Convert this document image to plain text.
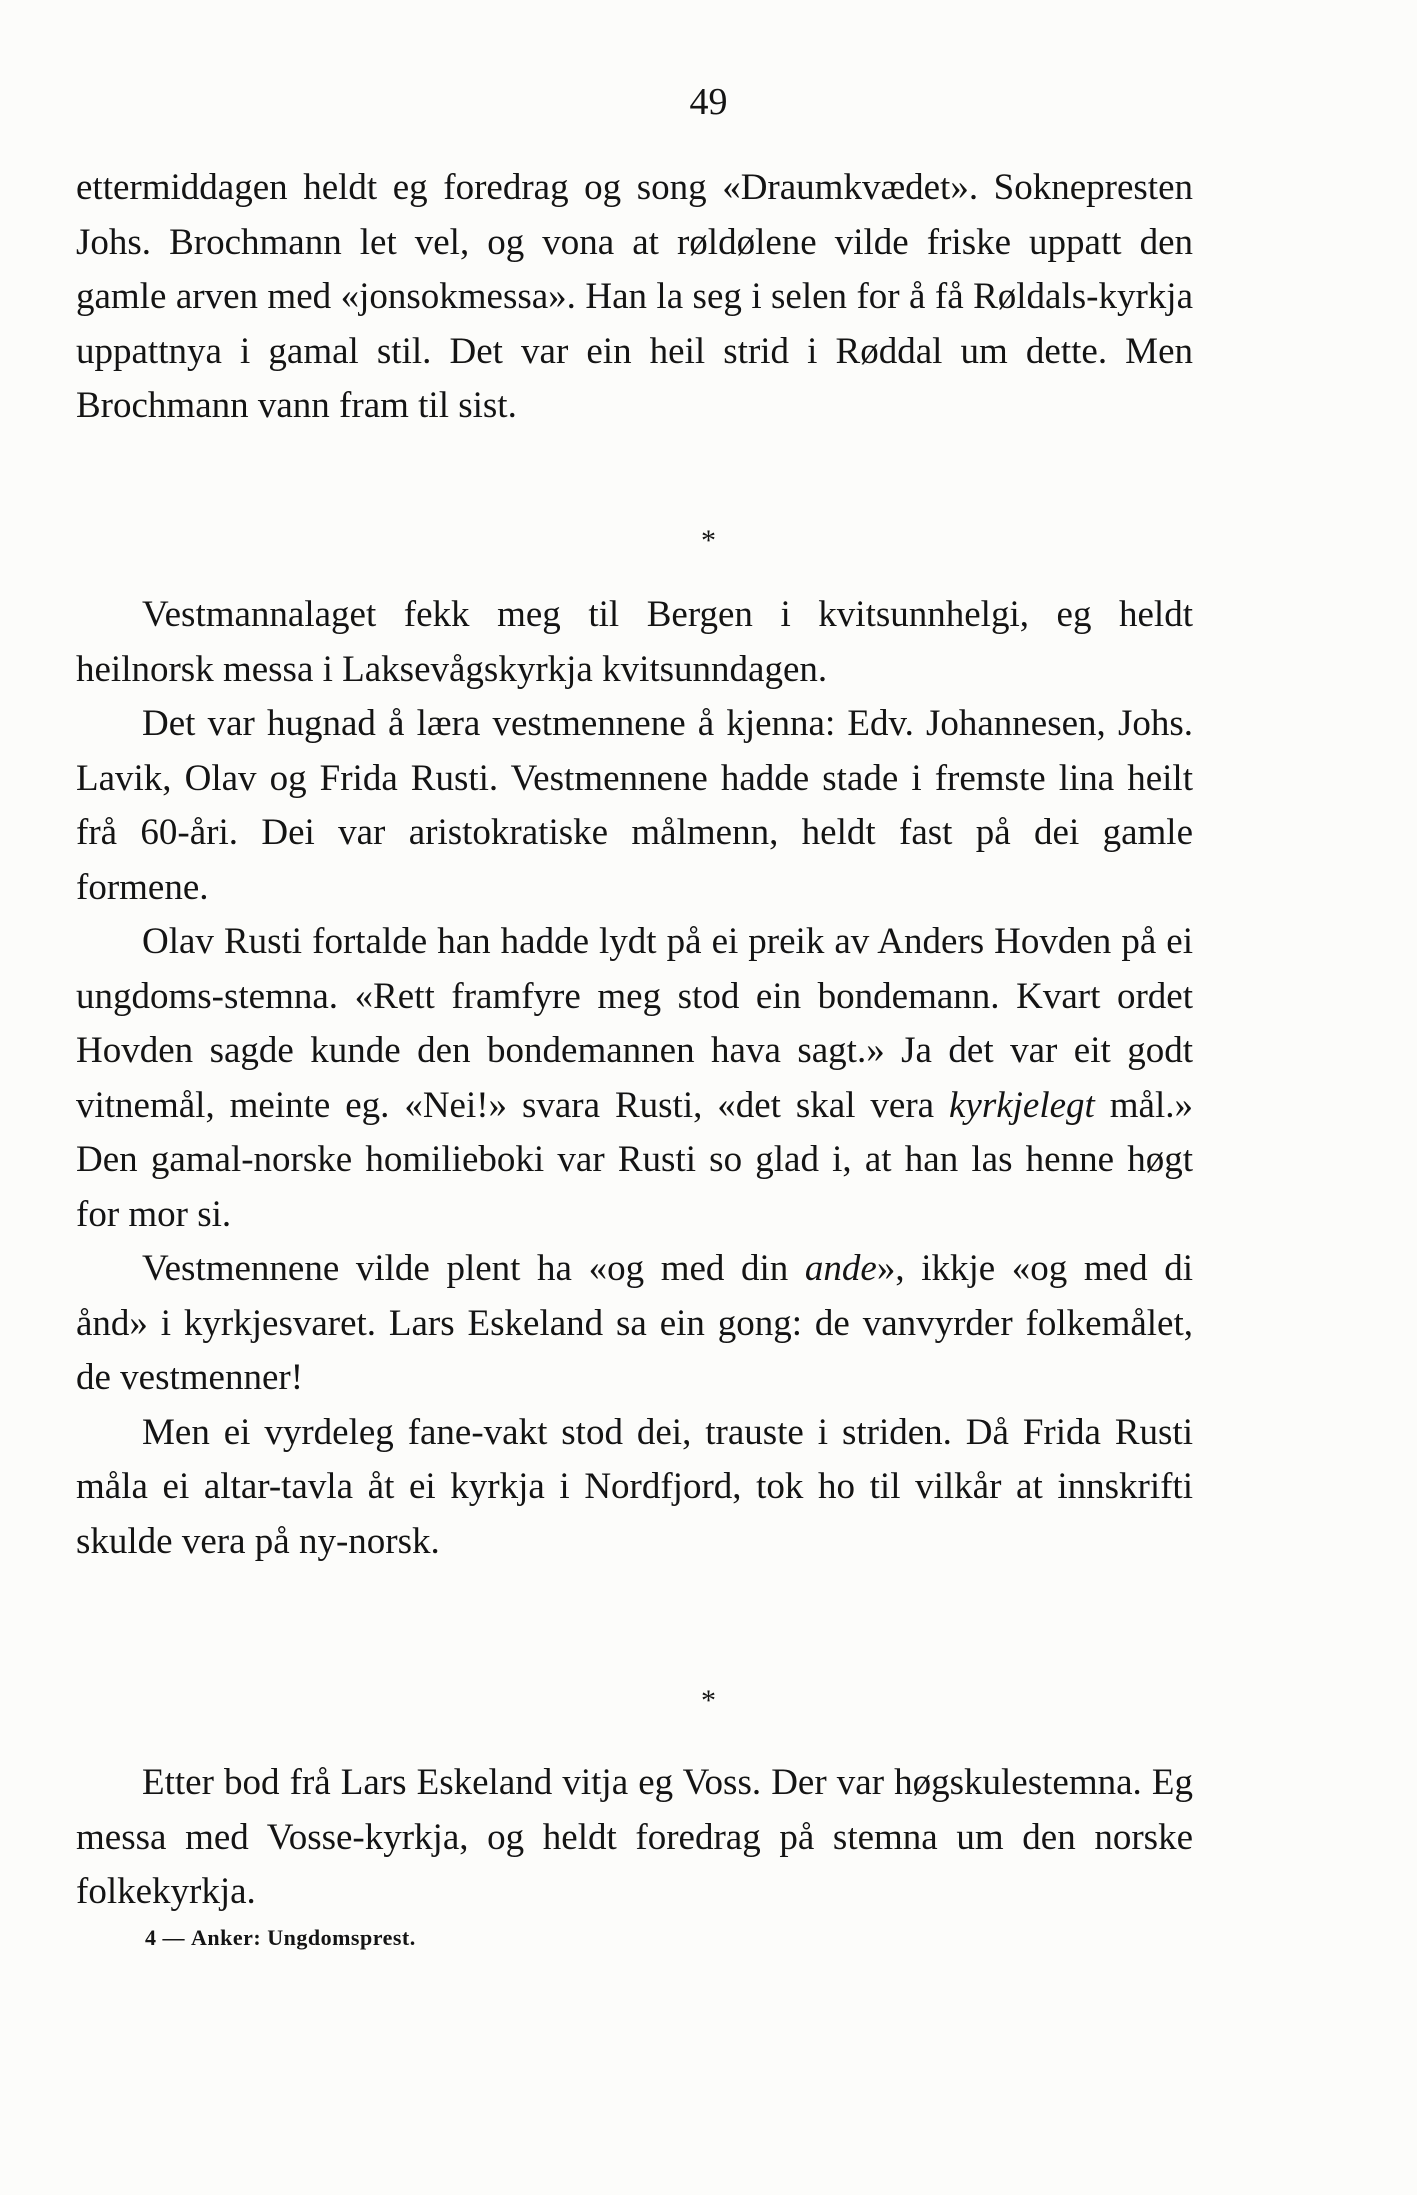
49

ettermiddagen heldt eg foredrag og song «Draumkvædet». Soknepresten Johs. Brochmann let vel, og vona at røldølene vilde friske uppatt den gamle arven med «jonsokmessa». Han la seg i selen for å få Røldals-kyrkja uppattnya i gamal stil. Det var ein heil strid i Røddal um dette. Men Brochmann vann fram til sist.

*

Vestmannalaget fekk meg til Bergen i kvitsunnhelgi, eg heldt heilnorsk messa i Laksevågskyrkja kvitsunndagen.

Det var hugnad å læra vestmennene å kjenna: Edv. Johannesen, Johs. Lavik, Olav og Frida Rusti. Vestmennene hadde stade i fremste lina heilt frå 60-åri. Dei var aristokratiske målmenn, heldt fast på dei gamle formene.

Olav Rusti fortalde han hadde lydt på ei preik av Anders Hovden på ei ungdoms-stemna. «Rett framfyre meg stod ein bondemann. Kvart ordet Hovden sagde kunde den bondemannen hava sagt.» Ja det var eit godt vitnemål, meinte eg. «Nei!» svara Rusti, «det skal vera kyrkjelegt mål.» Den gamal-norske homilieboki var Rusti so glad i, at han las henne høgt for mor si.

Vestmennene vilde plent ha «og med din ande», ikkje «og med di ånd» i kyrkjesvaret. Lars Eskeland sa ein gong: de vanvyrder folkemålet, de vestmenner!

Men ei vyrdeleg fane-vakt stod dei, trauste i striden. Då Frida Rusti måla ei altar-tavla åt ei kyrkja i Nordfjord, tok ho til vilkår at innskrifti skulde vera på ny-norsk.

*

Etter bod frå Lars Eskeland vitja eg Voss. Der var høgskulestemna. Eg messa med Vosse-kyrkja, og heldt foredrag på stemna um den norske folkekyrkja.

4 — Anker: Ungdomsprest.
